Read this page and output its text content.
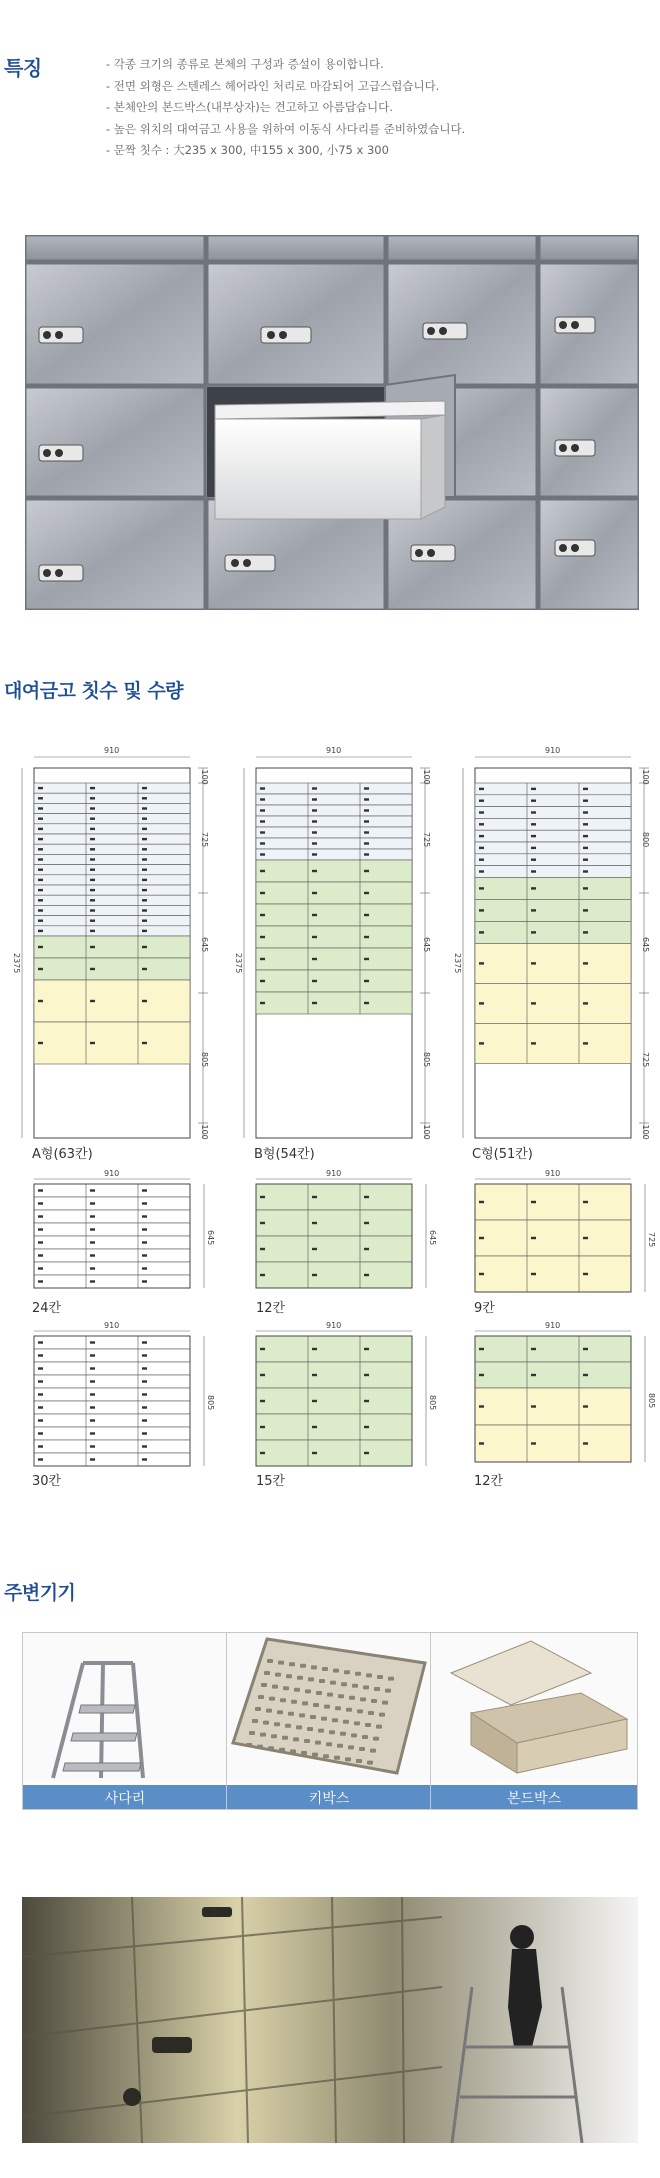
특징	- 각종 크기의 종류로 본체의 구성과 증설이 용이합니다.
- 전면 외형은 스텐레스 헤어라인 처리로 마감되어 고급스럽습니다.
- 본체안의 본드박스(내부상자)는 견고하고 아름답습니다.
- 높은 위치의 대여금고 사용을 위하여 이동식 사다리를 준비하였습니다.
- 문짝 칫수 : 大235 x 300, 中155 x 300, 小75 x 300
대여금고 칫수 및 수량
910
2375
100
725
645
805
100
910
2375
100
725
645
805
100
910
2375
100
800
645
725
100
A형(63칸)	B형(54칸)	C형(51칸)
910
645
910
645
910
725
24칸	12칸	9칸
910
805
910
805
910
805
30칸	15칸	12칸
주변기기
사다리	키박스	본드박스
